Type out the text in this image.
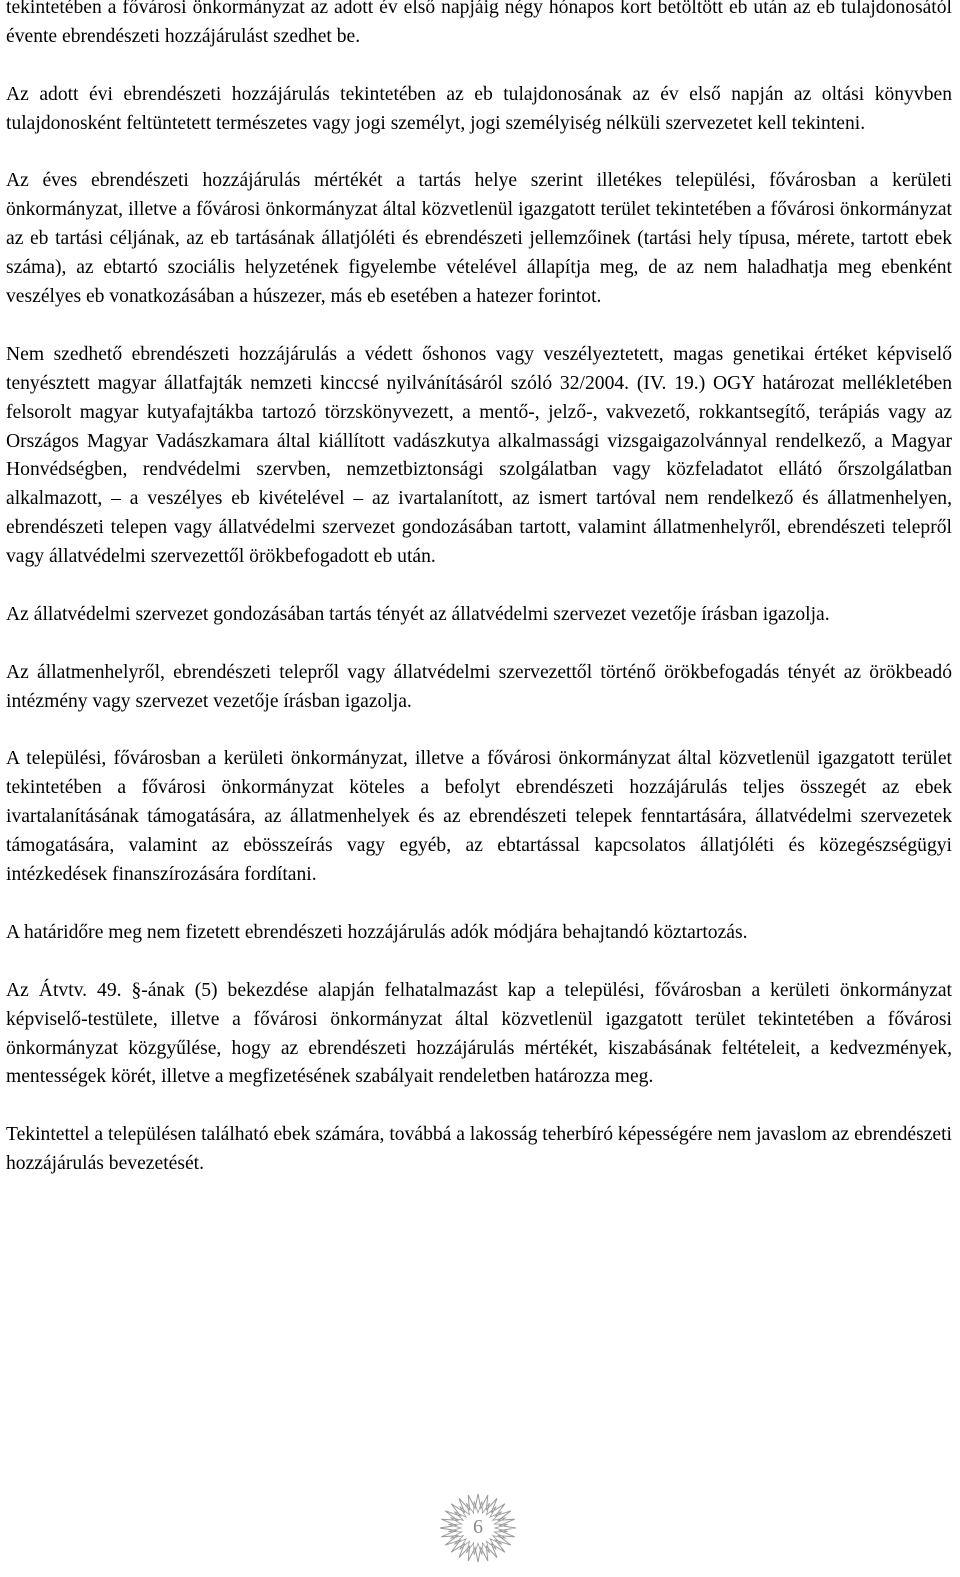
tekintetében a fővárosi önkormányzat az adott év első napjáig négy hónapos kort betöltött eb után az eb tulajdonosától évente ebrendészeti hozzájárulást szedhet be.

Az adott évi ebrendészeti hozzájárulás tekintetében az eb tulajdonosának az év első napján az oltási könyvben tulajdonosként feltüntetett természetes vagy jogi személyt, jogi személyiség nélküli szervezetet kell tekinteni.

Az éves ebrendészeti hozzájárulás mértékét a tartás helye szerint illetékes települési, fővárosban a kerületi önkormányzat, illetve a fővárosi önkormányzat által közvetlenül igazgatott terület tekintetében a fővárosi önkormányzat az eb tartási céljának, az eb tartásának állatjóléti és ebrendészeti jellemzőinek (tartási hely típusa, mérete, tartott ebek száma), az ebtartó szociális helyzetének figyelembe vételével állapítja meg, de az nem haladhatja meg ebenként veszélyes eb vonatkozásában a húszezer, más eb esetében a hatezer forintot.

Nem szedhető ebrendészeti hozzájárulás a védett őshonos vagy veszélyeztetett, magas genetikai értéket képviselő tenyésztett magyar állatfajták nemzeti kinccsé nyilvánításáról szóló 32/2004. (IV. 19.) OGY határozat mellékletében felsorolt magyar kutyafajtákba tartozó törzskönyvezett, a mentő-, jelző-, vakvezető, rokkantsegítő, terápiás vagy az Országos Magyar Vadászkamara által kiállított vadászkutya alkalmassági vizsgaigazolvánnyal rendelkező, a Magyar Honvédségben, rendvédelmi szervben, nemzetbiztonsági szolgálatban vagy közfeladatot ellátó őrszolgálatban alkalmazott, – a veszélyes eb kivételével – az ivartalanított, az ismert tartóval nem rendelkező és állatmenhelyen, ebrendészeti telepen vagy állatvédelmi szervezet gondozásában tartott, valamint állatmenhelyről, ebrendészeti telepről vagy állatvédelmi szervezettől örökbefogadott eb után.

Az állatvédelmi szervezet gondozásában tartás tényét az állatvédelmi szervezet vezetője írásban igazolja.

Az állatmenhelyről, ebrendészeti telepről vagy állatvédelmi szervezettől történő örökbefogadás tényét az örökbeadó intézmény vagy szervezet vezetője írásban igazolja.

A települési, fővárosban a kerületi önkormányzat, illetve a fővárosi önkormányzat által közvetlenül igazgatott terület tekintetében a fővárosi önkormányzat köteles a befolyt ebrendészeti hozzájárulás teljes összegét az ebek ivartalanításának támogatására, az állatmenhelyek és az ebrendészeti telepek fenntartására, állatvédelmi szervezetek támogatására, valamint az ebösszeírás vagy egyéb, az ebtartással kapcsolatos állatjóléti és közegészségügyi intézkedések finanszírozására fordítani.

A határidőre meg nem fizetett ebrendészeti hozzájárulás adók módjára behajtandó köztartozás.

Az Átvtv. 49. §-ának (5) bekezdése alapján felhatalmazást kap a települési, fővárosban a kerületi önkormányzat képviselő-testülete, illetve a fővárosi önkormányzat által közvetlenül igazgatott terület tekintetében a fővárosi önkormányzat közgyűlése, hogy az ebrendészeti hozzájárulás mértékét, kiszabásának feltételeit, a kedvezmények, mentességek körét, illetve a megfizetésének szabályait rendeletben határozza meg.

Tekintettel a településen található ebek számára, továbbá a lakosság teherbíró képességére nem javaslom az ebrendészeti hozzájárulás bevezetését.

6
